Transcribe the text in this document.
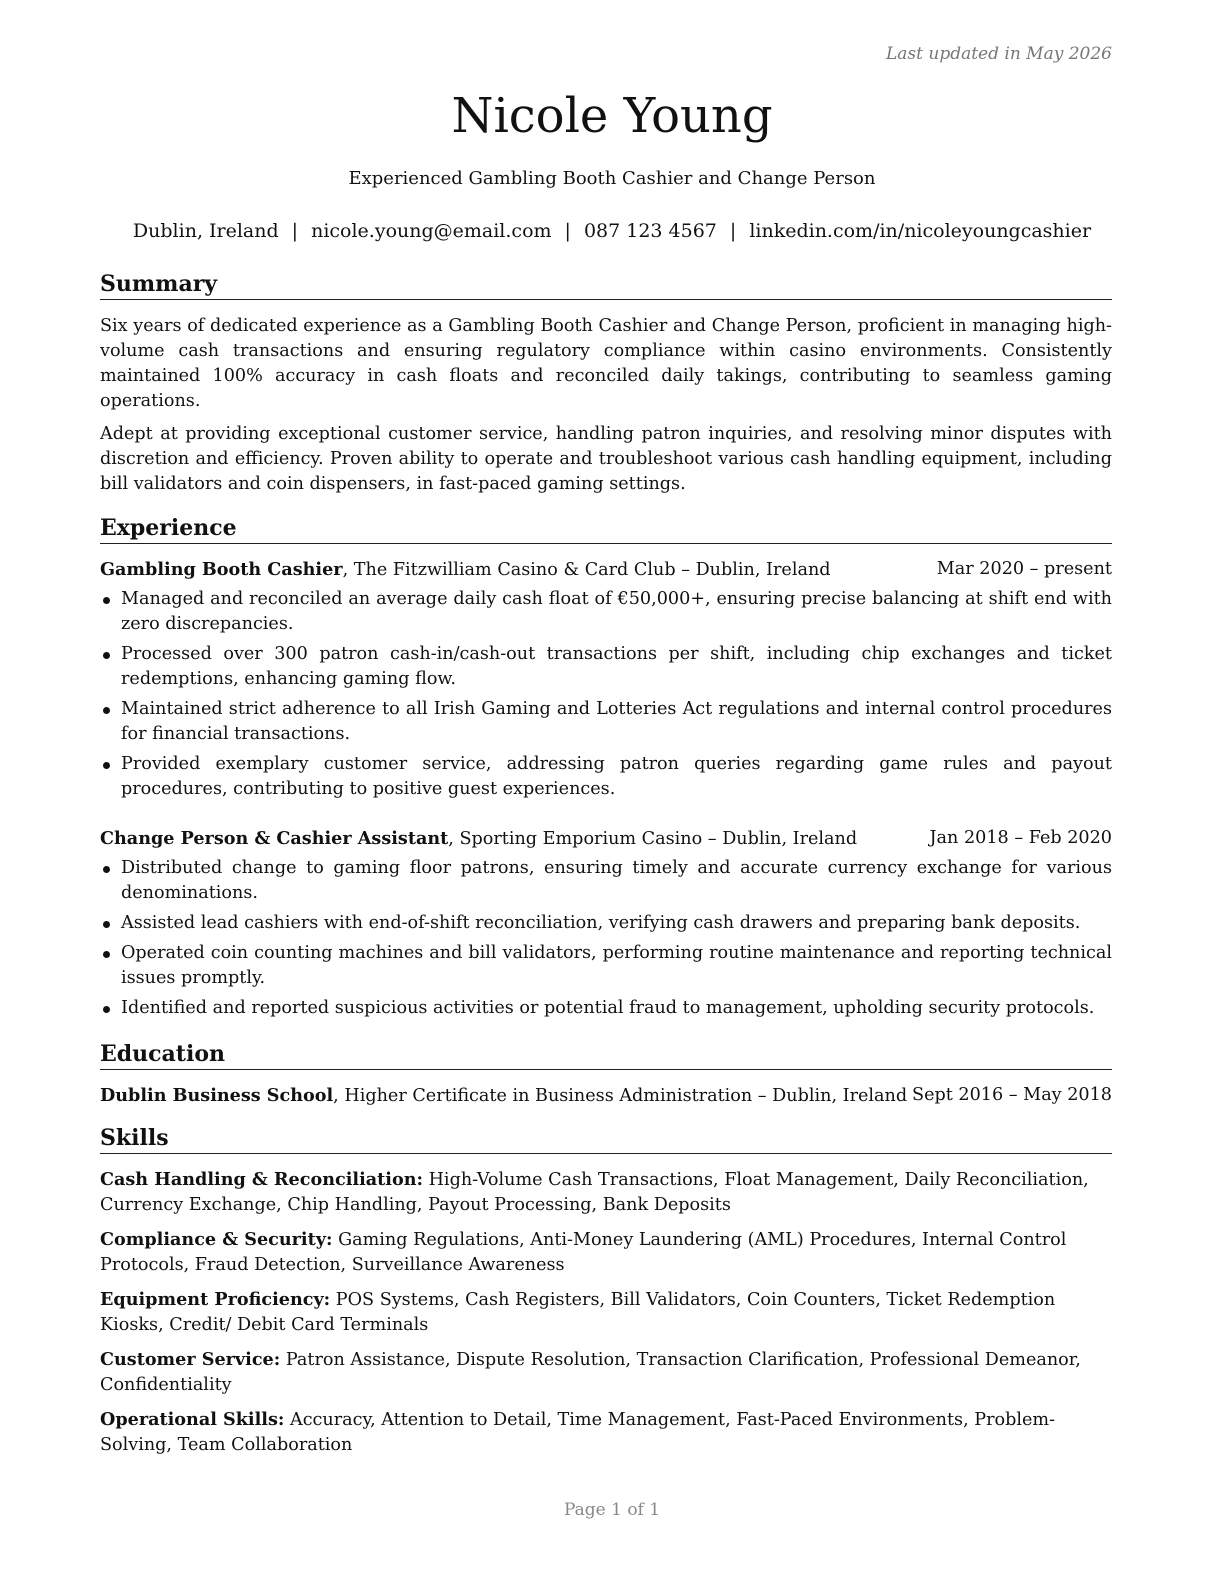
Last updated in May 2026
Nicole Young
Experienced Gambling Booth Cashier and Change Person
Dublin, Ireland | nicole.young@email.com | 087 123 4567 | linkedin.com/in/nicoleyoungcashier
Summary

Six years of dedicated experience as a Gambling Booth Cashier and Change Person, proficient in managing high-volume cash transactions and ensuring regulatory compliance within casino environments. Consistently maintained 100% accuracy in cash floats and reconciled daily takings, contributing to seamless gaming operations.

Adept at providing exceptional customer service, handling patron inquiries, and resolving minor disputes with discretion and efficiency. Proven ability to operate and troubleshoot various cash handling equipment, including bill validators and coin dispensers, in fast-paced gaming settings.

Experience
Gambling Booth Cashier, The Fitzwilliam Casino & Card Club – Dublin, Ireland	Mar 2020 – present
Managed and reconciled an average daily cash float of €50,000+, ensuring precise balancing at shift end with zero discrepancies.
Processed over 300 patron cash-in/cash-out transactions per shift, including chip exchanges and ticket redemptions, enhancing gaming flow.
Maintained strict adherence to all Irish Gaming and Lotteries Act regulations and internal control procedures for financial transactions.
Provided exemplary customer service, addressing patron queries regarding game rules and payout procedures, contributing to positive guest experiences.
Change Person & Cashier Assistant, Sporting Emporium Casino – Dublin, Ireland	Jan 2018 – Feb 2020
Distributed change to gaming floor patrons, ensuring timely and accurate currency exchange for various denominations.
Assisted lead cashiers with end-of-shift reconciliation, verifying cash drawers and preparing bank deposits.
Operated coin counting machines and bill validators, performing routine maintenance and reporting technical issues promptly.
Identified and reported suspicious activities or potential fraud to management, upholding security protocols.
Education
Dublin Business School, Higher Certificate in Business Administration – Dublin, Ireland Sept 2016 – May 2018
Skills

Cash Handling & Reconciliation: High-Volume Cash Transactions, Float Management, Daily Reconciliation, Currency Exchange, Chip Handling, Payout Processing, Bank Deposits

Compliance & Security: Gaming Regulations, Anti-Money Laundering (AML) Procedures, Internal Control Protocols, Fraud Detection, Surveillance Awareness

Equipment Proficiency: POS Systems, Cash Registers, Bill Validators, Coin Counters, Ticket Redemption Kiosks, Credit/ Debit Card Terminals

Customer Service: Patron Assistance, Dispute Resolution, Transaction Clarification, Professional Demeanor, Confidentiality

Operational Skills: Accuracy, Attention to Detail, Time Management, Fast-Paced Environments, Problem-Solving, Team Collaboration

Page 1 of 1
